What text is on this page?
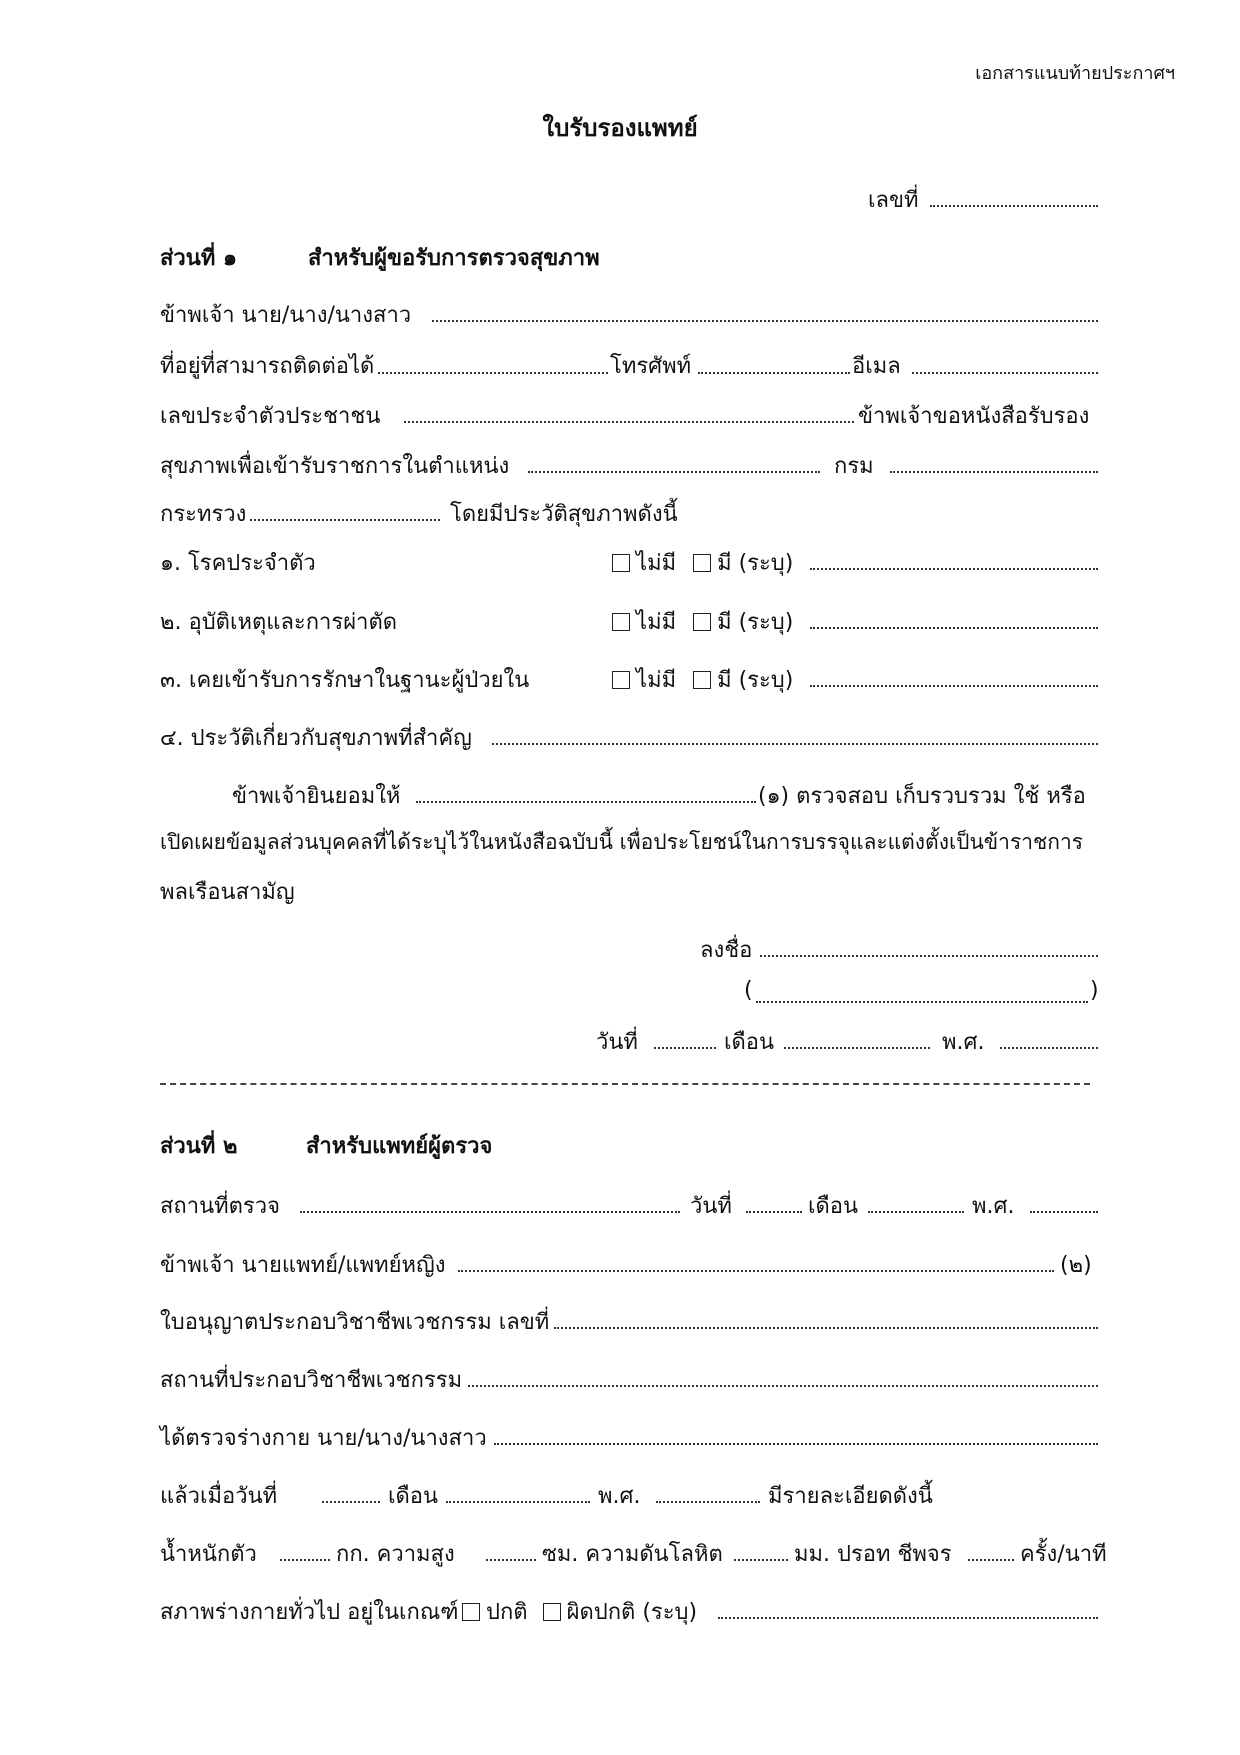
เอกสารแนบท้ายประกาศฯ
ใบรับรองแพทย์
เลขที่
ส่วนที่ ๑	สำหรับผู้ขอรับการตรวจสุขภาพ
ข้าพเจ้า นาย/นาง/นางสาว
ที่อยู่ที่สามารถติดต่อได้	โทรศัพท์	อีเมล
เลขประจำตัวประชาชน	ข้าพเจ้าขอหนังสือรับรอง
สุขภาพเพื่อเข้ารับราชการในตำแหน่ง	กรม
กระทรวง	โดยมีประวัติสุขภาพดังนี้
๑. โรคประจำตัว	ไม่มี มี (ระบุ)
๒. อุบัติเหตุและการผ่าตัด	ไม่มี มี (ระบุ)
๓. เคยเข้ารับการรักษาในฐานะผู้ป่วยใน	ไม่มี มี (ระบุ)
๔. ประวัติเกี่ยวกับสุขภาพที่สำคัญ
ข้าพเจ้ายินยอมให้	(๑) ตรวจสอบ เก็บรวบรวม ใช้ หรือ
เปิดเผยข้อมูลส่วนบุคคลที่ได้ระบุไว้ในหนังสือฉบับนี้ เพื่อประโยชน์ในการบรรจุและแต่งตั้งเป็นข้าราชการ
พลเรือนสามัญ
ลงชื่อ
(	)
วันที่	เดือน	พ.ศ.
ส่วนที่ ๒	สำหรับแพทย์ผู้ตรวจ
สถานที่ตรวจ	วันที่	เดือน	พ.ศ.
ข้าพเจ้า นายแพทย์/แพทย์หญิง	(๒)
ใบอนุญาตประกอบวิชาชีพเวชกรรม เลขที่
สถานที่ประกอบวิชาชีพเวชกรรม
ได้ตรวจร่างกาย นาย/นาง/นางสาว
แล้วเมื่อวันที่	เดือน	พ.ศ.	มีรายละเอียดดังนี้
น้ำหนักตัว	กก. ความสูง	ซม. ความดันโลหิต	มม. ปรอท ชีพจร	ครั้ง/นาที
สภาพร่างกายทั่วไป อยู่ในเกณฑ์	ปกติ ผิดปกติ (ระบุ)
